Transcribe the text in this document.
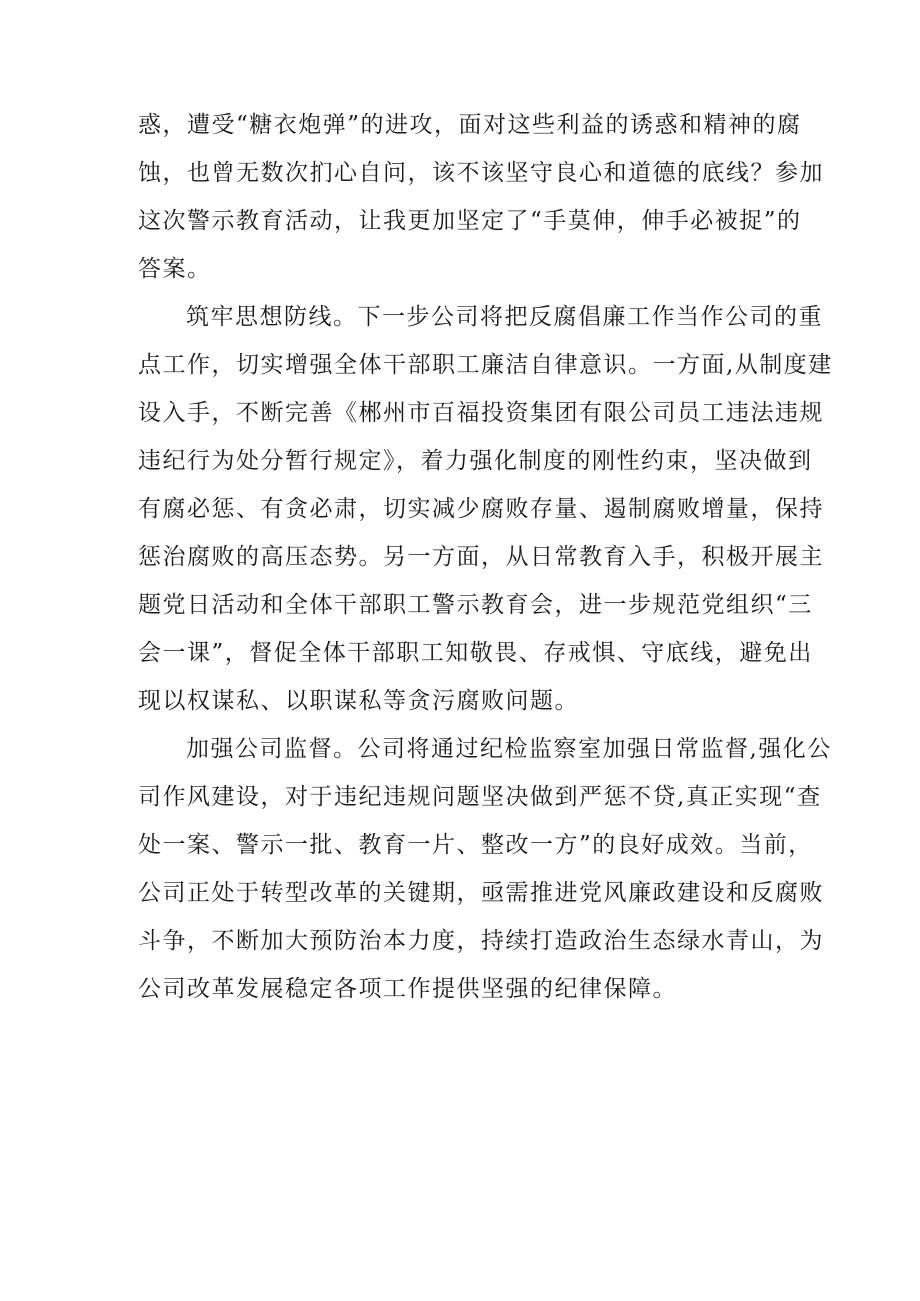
惑，遭受“糖衣炮弹”的进攻，面对这些利益的诱惑和精神的腐
蚀，也曾无数次扪心自问，该不该坚守良心和道德的底线？参加
这次警示教育活动，让我更加坚定了“手莫伸，伸手必被捉”的
答案。
筑牢思想防线。下一步公司将把反腐倡廉工作当作公司的重
点工作，切实增强全体干部职工廉洁自律意识。一方面,从制度建
设入手，不断完善《郴州市百福投资集团有限公司员工违法违规
违纪行为处分暂行规定》，着力强化制度的刚性约束，坚决做到
有腐必惩、有贪必肃，切实减少腐败存量、遏制腐败增量，保持
惩治腐败的高压态势。另一方面，从日常教育入手，积极开展主
题党日活动和全体干部职工警示教育会，进一步规范党组织“三
会一课”，督促全体干部职工知敬畏、存戒惧、守底线，避免出
现以权谋私、以职谋私等贪污腐败问题。
加强公司监督。公司将通过纪检监察室加强日常监督,强化公
司作风建设，对于违纪违规问题坚决做到严惩不贷,真正实现“查
处一案、警示一批、教育一片、整改一方”的良好成效。当前，
公司正处于转型改革的关键期，亟需推进党风廉政建设和反腐败
斗争，不断加大预防治本力度，持续打造政治生态绿水青山，为
公司改革发展稳定各项工作提供坚强的纪律保障。
